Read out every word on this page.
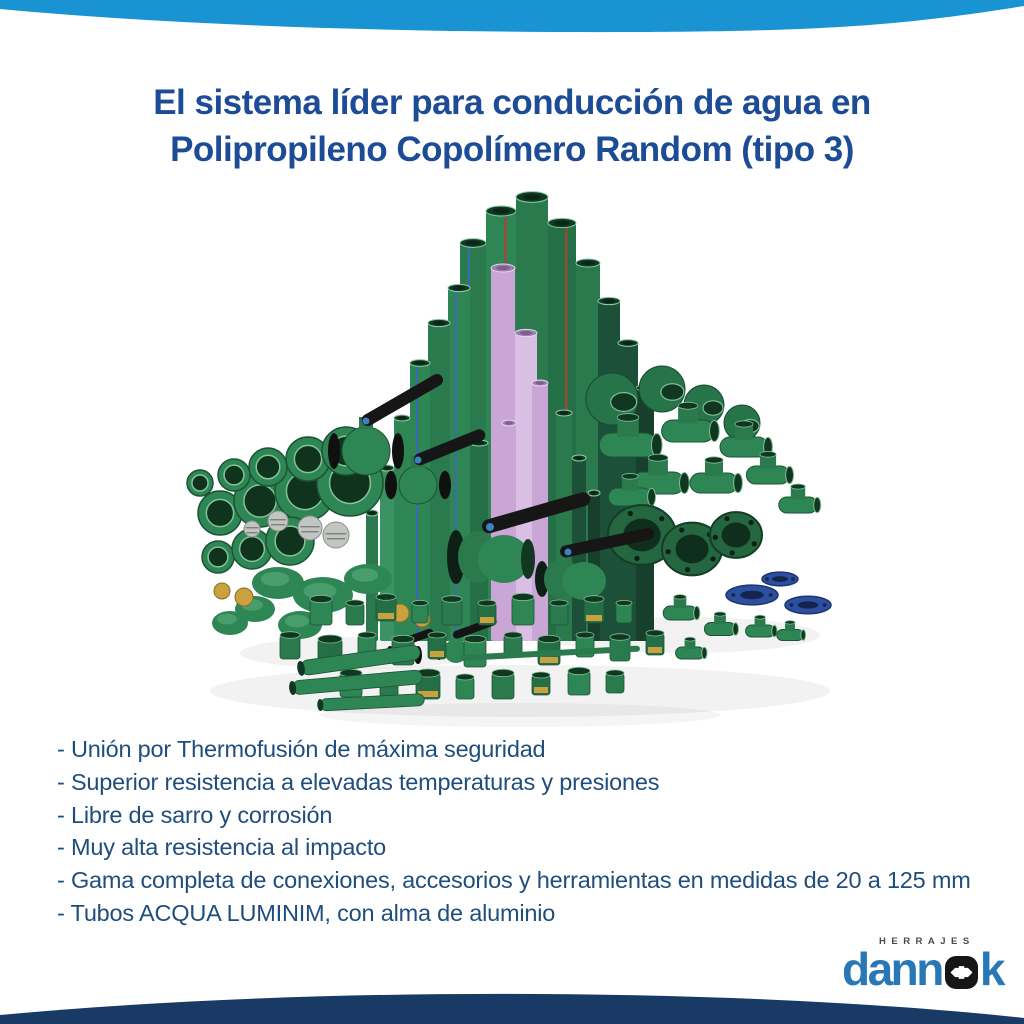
El sistema líder para conducción de agua en
Polipropileno Copolímero Random (tipo 3)
- Unión por Thermofusión de máxima seguridad
- Superior resistencia a elevadas temperaturas y presiones
- Libre de sarro y corrosión
- Muy alta resistencia al impacto
- Gama completa de conexiones, accesorios y herramientas en medidas de 20 a 125 mm
- Tubos ACQUA LUMINIM, con alma de aluminio
HERRAJES
dann k
